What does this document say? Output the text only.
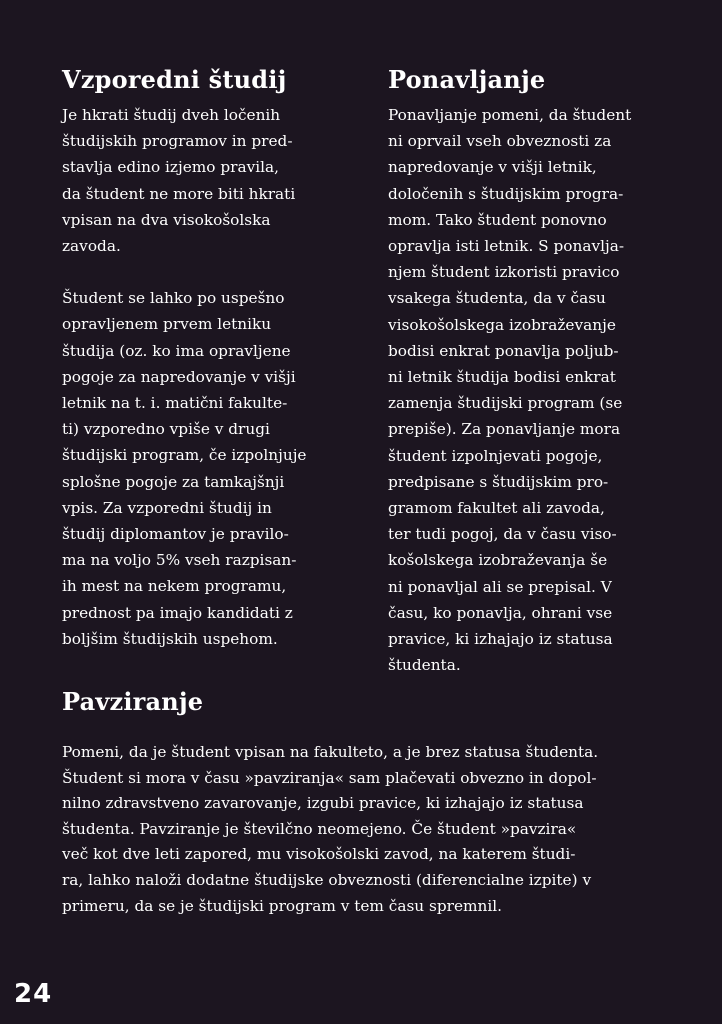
Vzporedni študij

Je hkrati študij dveh ločenih
študijskih programov in pred-
stavlja edino izjemo pravila,
da študent ne more biti hkrati
vpisan na dva visokošolska
zavoda.

Študent se lahko po uspešno
opravljenem prvem letniku
študija (oz. ko ima opravljene
pogoje za napredovanje v višji
letnik na t. i. matični fakulte-
ti) vzporedno vpiše v drugi
študijski program, če izpolnjuje
splošne pogoje za tamkajšnji
vpis. Za vzporedni študij in
študij diplomantov je pravilo-
ma na voljo 5% vseh razpisan-
ih mest na nekem programu,
prednost pa imajo kandidati z
boljšim študijskih uspehom.

Ponavljanje

Ponavljanje pomeni, da študent
ni oprvail vseh obveznosti za
napredovanje v višji letnik,
določenih s študijskim progra-
mom. Tako študent ponovno
opravlja isti letnik. S ponavlja-
njem študent izkoristi pravico
vsakega študenta, da v času
visokošolskega izobraževanje
bodisi enkrat ponavlja poljub-
ni letnik študija bodisi enkrat
zamenja študijski program (se
prepiše). Za ponavljanje mora
študent izpolnjevati pogoje,
predpisane s študijskim pro-
gramom fakultet ali zavoda,
ter tudi pogoj, da v času viso-
košolskega izobraževanja še
ni ponavljal ali se prepisal. V
času, ko ponavlja, ohrani vse
pravice, ki izhajajo iz statusa
študenta.

Pavziranje

Pomeni, da je študent vpisan na fakulteto, a je brez statusa študenta.
Študent si mora v času »pavziranja« sam plačevati obvezno in dopol-
nilno zdravstveno zavarovanje, izgubi pravice, ki izhajajo iz statusa
študenta. Pavziranje je številčno neomejeno. Če študent »pavzira«
več kot dve leti zapored, mu visokošolski zavod, na katerem študi-
ra, lahko naloži dodatne študijske obveznosti (diferencialne izpite) v
primeru, da se je študijski program v tem času spremnil.

24
